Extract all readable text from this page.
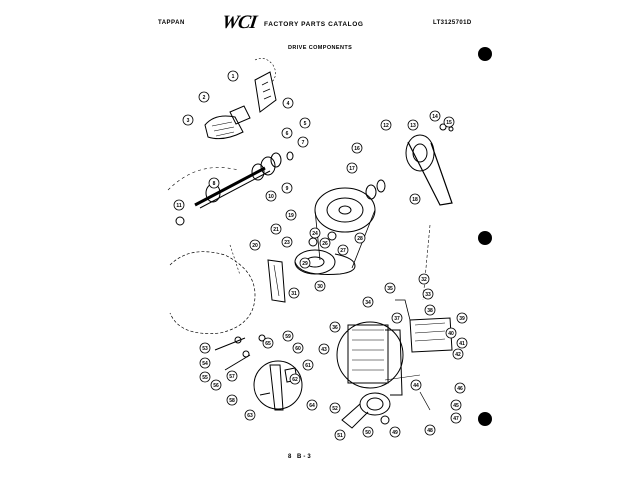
TAPPAN WCI FACTORY PARTS CATALOG	LT3125701D
DRIVE COMPONENTS
1
2
3
4
5
6
7
8
9
10
11
12	13
14
15
16
17
18
19
20
21
23
24
26
27
28
29
30
31
32
33
34
35
36
37
38
39
40
41
42
43
44
45
46
47
48
49
50
51
52
53
54
55
56
57
58
59
60
61
62
63
64
65
8 B-3
